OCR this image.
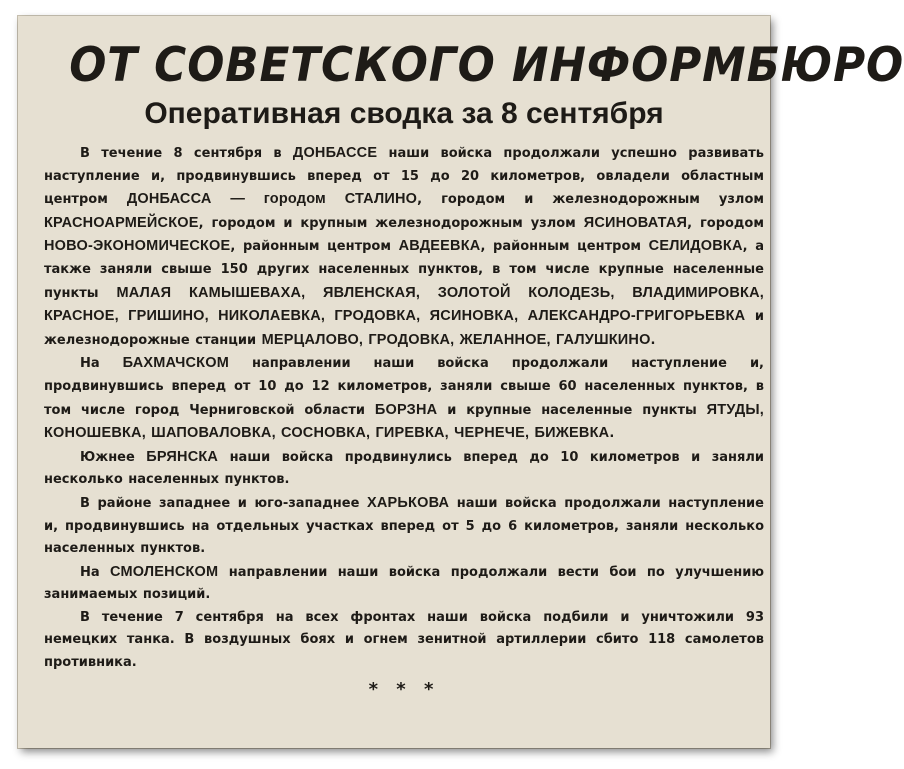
ОТ СОВЕТСКОГО ИНФОРМБЮРО
Оперативная сводка за 8 сентября

В течение 8 сентября в ДОНБАССЕ наши войска продолжали успешно развивать наступление и, продвинувшись вперед от 15 до 20 километров, овладели областным центром ДОНБАССА — городом СТАЛИНО, городом и железнодорожным узлом КРАСНОАРМЕЙСКОЕ, городом и крупным железнодорожным узлом ЯСИНОВАТАЯ, городом НОВО-ЭКОНОМИЧЕСКОЕ, районным центром АВДЕЕВКА, районным центром СЕЛИДОВКА, а также заняли свыше 150 других населенных пунктов, в том числе крупные населенные пункты МАЛАЯ КАМЫШЕВАХА, ЯВЛЕНСКАЯ, ЗОЛОТОЙ КОЛОДЕЗЬ, ВЛАДИМИРОВКА, КРАСНОЕ, ГРИШИНО, НИКОЛАЕВКА, ГРОДОВКА, ЯСИНОВКА, АЛЕКСАНДРО-ГРИГОРЬЕВКА и железнодорожные станции МЕРЦАЛОВО, ГРОДОВКА, ЖЕЛАННОЕ, ГАЛУШКИНО.

На БАХМАЧСКОМ направлении наши войска продолжали наступление и, продвинувшись вперед от 10 до 12 километров, заняли свыше 60 населенных пунктов, в том числе город Черниговской области БОРЗНА и крупные населенные пункты ЯТУДЫ, КОНОШЕВКА, ШАПОВАЛОВКА, СОСНОВКА, ГИРЕВКА, ЧЕРНЕЧЕ, БИЖЕВКА.

Южнее БРЯНСКА наши войска продвинулись вперед до 10 километров и заняли несколько населенных пунктов.

В районе западнее и юго-западнее ХАРЬКОВА наши войска продолжали наступление и, продвинувшись на отдельных участках вперед от 5 до 6 километров, заняли несколько населенных пунктов.

На СМОЛЕНСКОМ направлении наши войска продолжали вести бои по улучшению занимаемых позиций.

В течение 7 сентября на всех фронтах наши войска подбили и уничтожили 93 немецких танка. В воздушных боях и огнем зенитной артиллерии сбито 118 самолетов противника.

* * *
